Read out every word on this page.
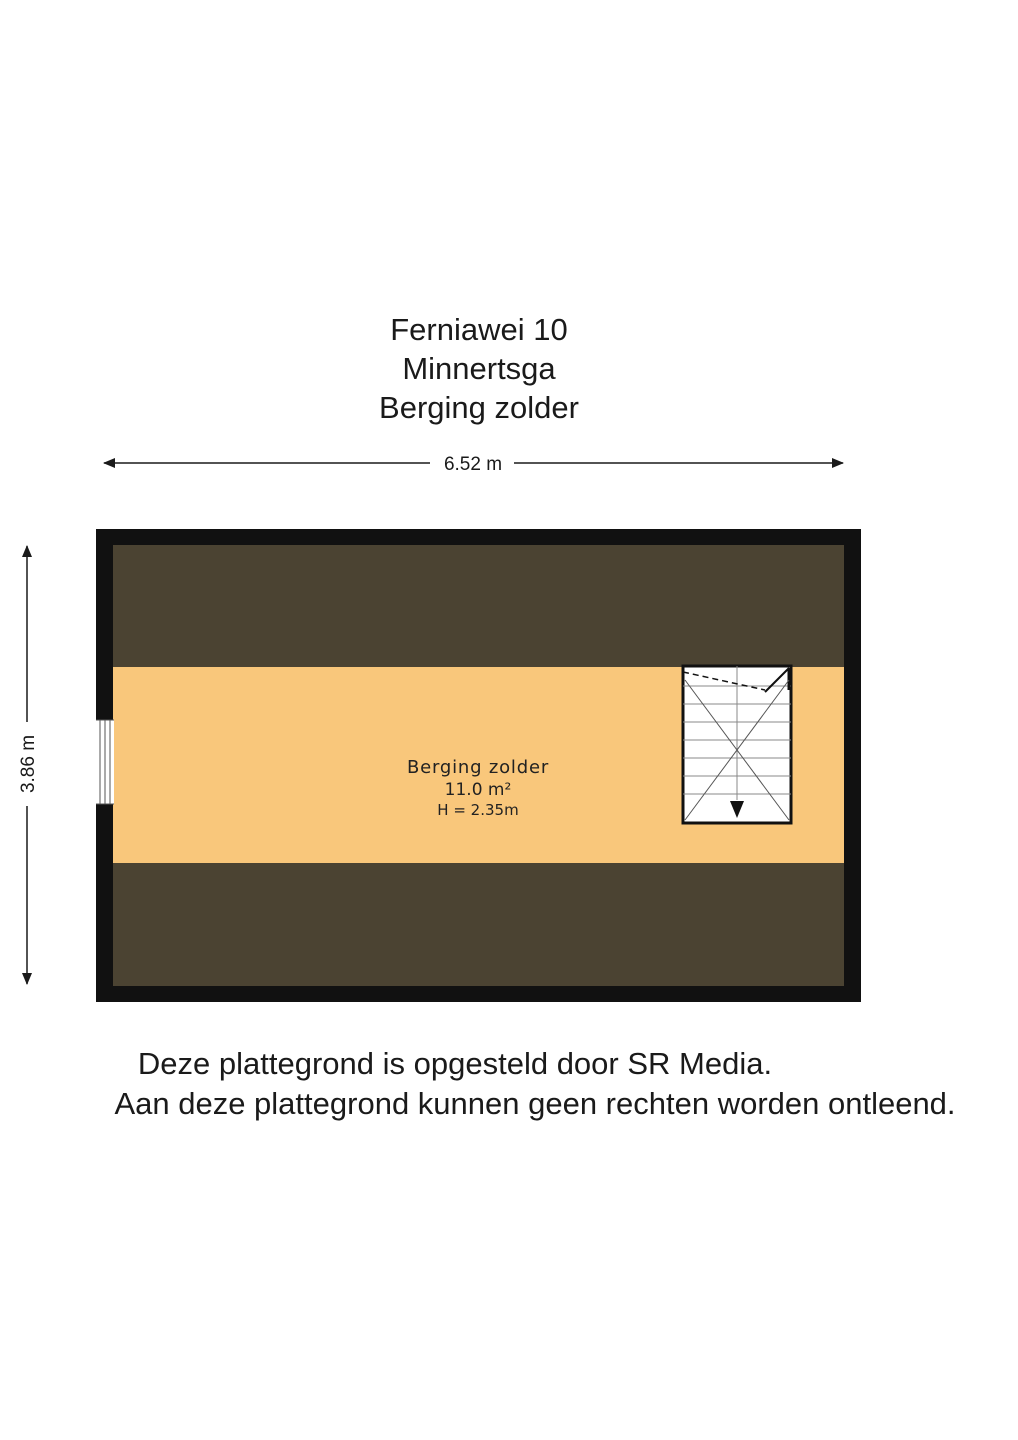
Ferniawei 10
Minnertsga
Berging zolder
6.52 m
3.86 m	Berging zolder
11.0 m²
H = 2.35m
Deze plattegrond is opgesteld door SR Media.
Aan deze plattegrond kunnen geen rechten worden ontleend.
